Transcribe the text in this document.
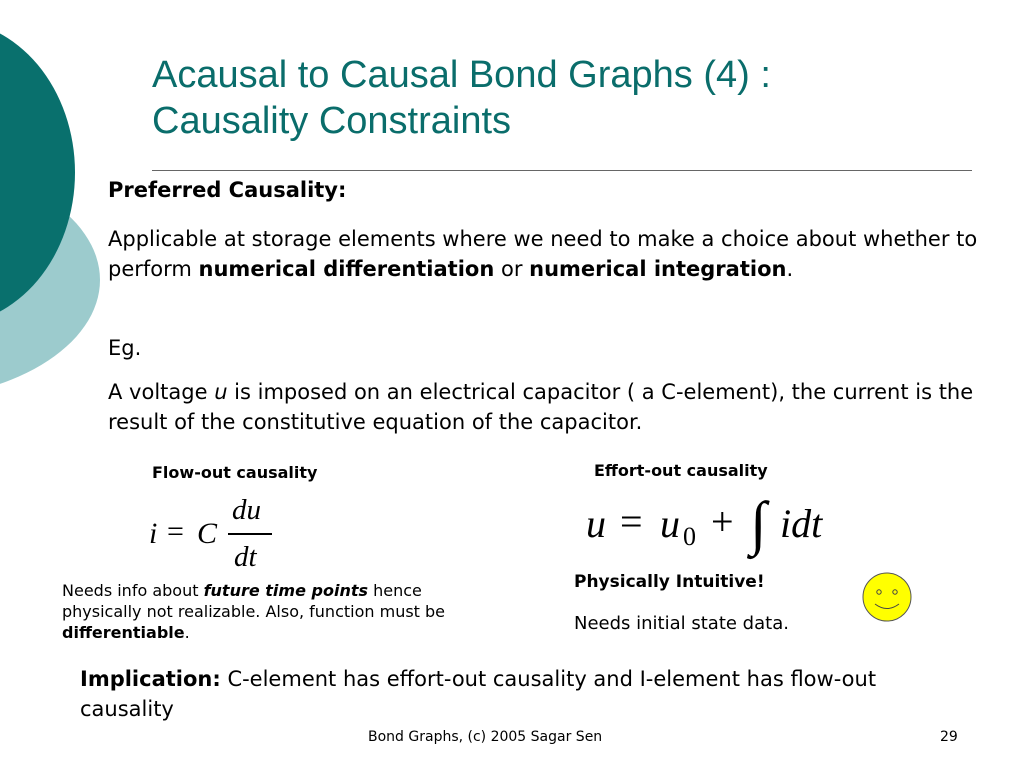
Acausal to Causal Bond Graphs (4) :
Causality Constraints
Preferred Causality:
Applicable at storage elements where we need to make a choice about whether to perform numerical differentiation or numerical integration.
Eg.
A voltage u is imposed on an electrical capacitor ( a C-element), the current is the result of the constitutive equation of the capacitor.
Flow-out causality	Effort-out causality
i = C
du
dt
u = u 0 + ∫ idt
Needs info about future time points hence physically not realizable. Also, function must be differentiable.
Physically Intuitive!
Needs initial state data.
Implication: C-element has effort-out causality and I-element has flow-out causality
Bond Graphs, (c) 2005 Sagar Sen	29
